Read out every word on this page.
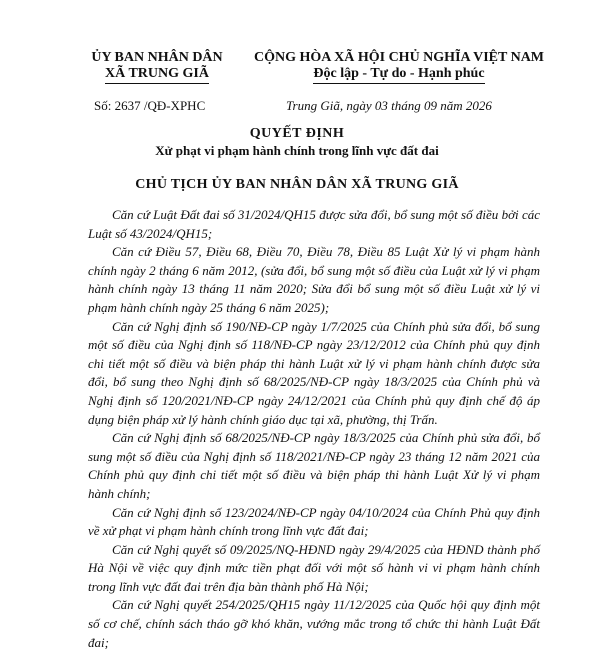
ỦY BAN NHÂN DÂN
XÃ TRUNG GIÃ
CỘNG HÒA XÃ HỘI CHỦ NGHĨA VIỆT NAM
Độc lập - Tự do - Hạnh phúc
Số: 2637 /QĐ-XPHC	Trung Giã, ngày 03 tháng 09 năm 2026
QUYẾT ĐỊNH
Xử phạt vi phạm hành chính trong lĩnh vực đất đai
CHỦ TỊCH ỦY BAN NHÂN DÂN XÃ TRUNG GIÃ

Căn cứ Luật Đất đai số 31/2024/QH15 được sửa đổi, bổ sung một số điều bởi các Luật số 43/2024/QH15;

Căn cứ Điều 57, Điều 68, Điều 70, Điều 78, Điều 85 Luật Xử lý vi phạm hành chính ngày 2 tháng 6 năm 2012, (sửa đổi, bổ sung một số điều của Luật xử lý vi phạm hành chính ngày 13 tháng 11 năm 2020; Sửa đổi bổ sung một số điều Luật xử lý vi phạm hành chính ngày 25 tháng 6 năm 2025);

Căn cứ Nghị định số 190/NĐ-CP ngày 1/7/2025 của Chính phủ sửa đổi, bổ sung một số điều của Nghị định số 118/NĐ-CP ngày 23/12/2012 của Chính phủ quy định chi tiết một số điều và biện pháp thi hành Luật xử lý vi phạm hành chính được sửa đổi, bổ sung theo Nghị định số 68/2025/NĐ-CP ngày 18/3/2025 của Chính phủ và Nghị định số 120/2021/NĐ-CP ngày 24/12/2021 của Chính phủ quy định chế độ áp dụng biện pháp xử lý hành chính giáo dục tại xã, phường, thị Trấn.

Căn cứ Nghị định số 68/2025/NĐ-CP ngày 18/3/2025 của Chính phủ sửa đổi, bổ sung một số điều của Nghị định số 118/2021/NĐ-CP ngày 23 tháng 12 năm 2021 của Chính phủ quy định chi tiết một số điều và biện pháp thi hành Luật Xử lý vi phạm hành chính;

Căn cứ Nghị định số 123/2024/NĐ-CP ngày 04/10/2024 của Chính Phủ quy định về xử phạt vi phạm hành chính trong lĩnh vực đất đai;

Căn cứ Nghị quyết số 09/2025/NQ-HĐND ngày 29/4/2025 của HĐND thành phố Hà Nội về việc quy định mức tiền phạt đối với một số hành vi vi phạm hành chính trong lĩnh vực đất đai trên địa bàn thành phố Hà Nội;

Căn cứ Nghị quyết 254/2025/QH15 ngày 11/12/2025 của Quốc hội quy định một số cơ chế, chính sách tháo gỡ khó khăn, vướng mắc trong tổ chức thi hành Luật Đất đai;
